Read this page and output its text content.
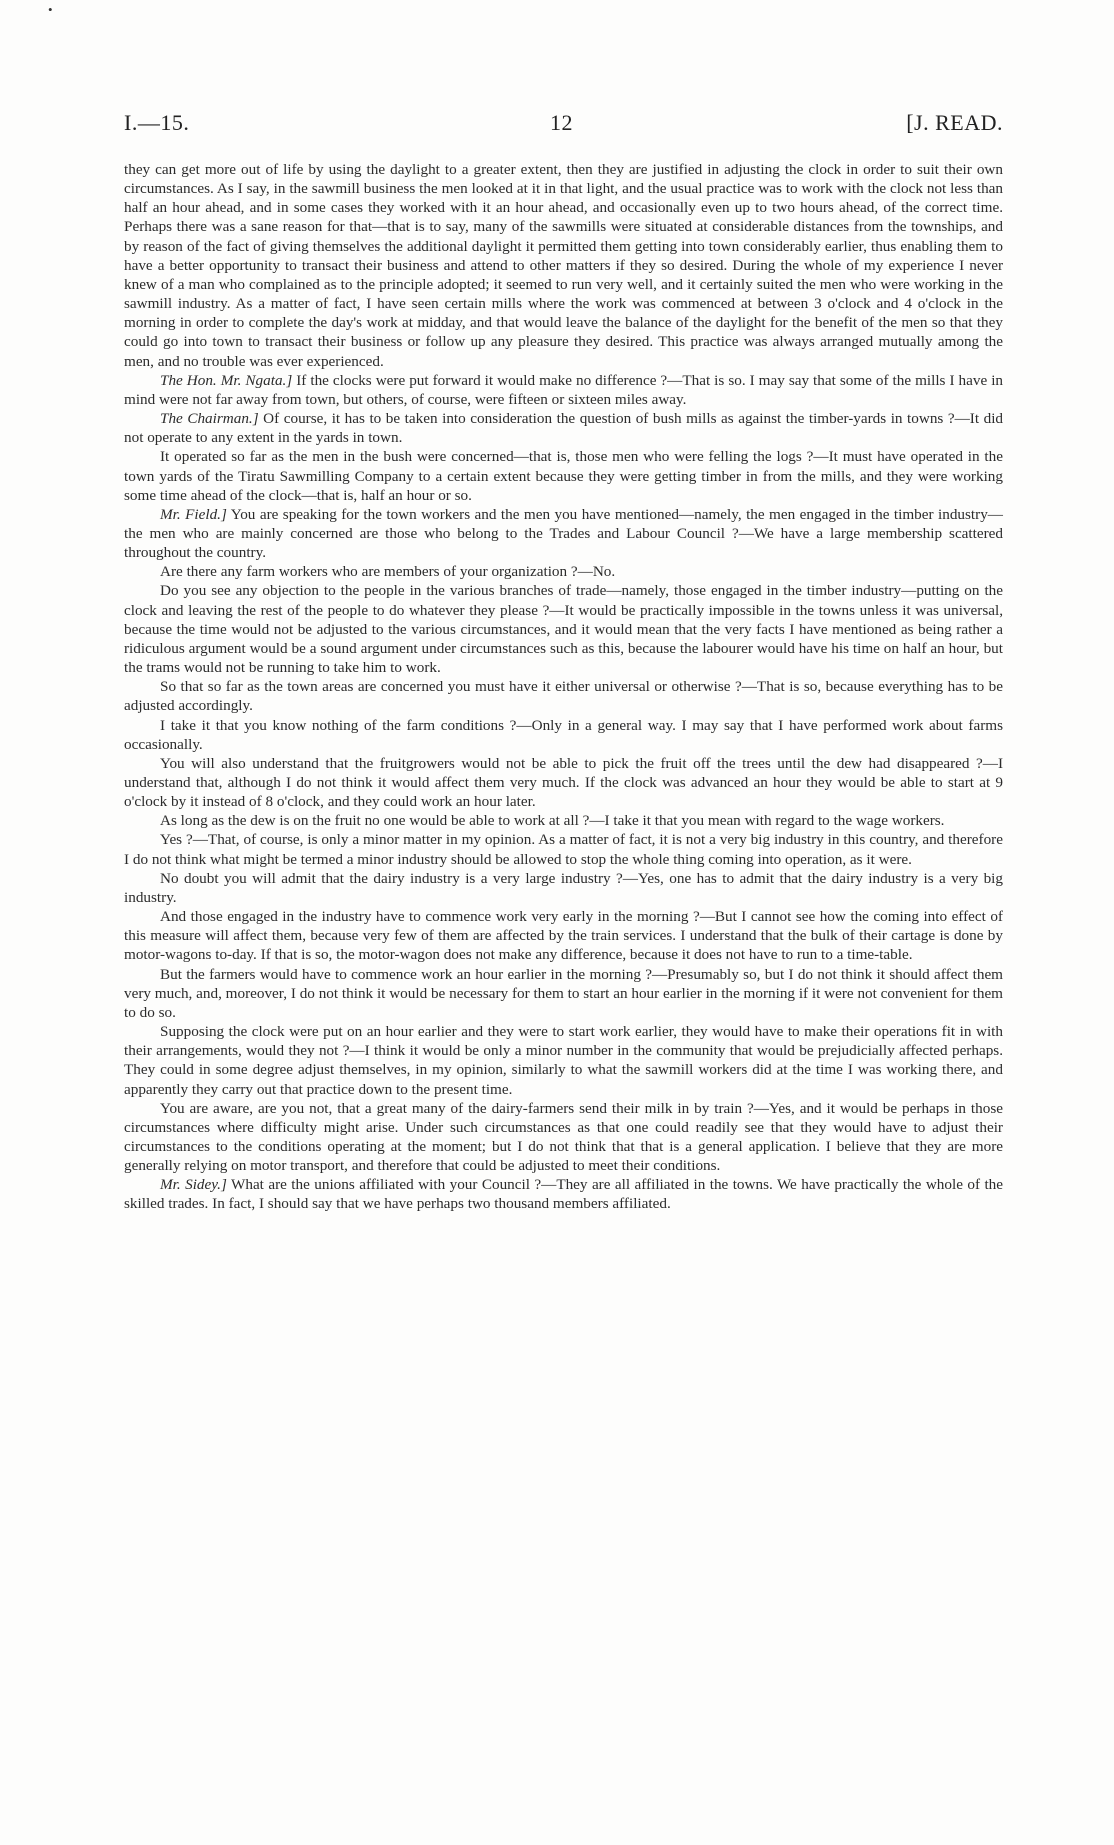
•
I.—15.	12	[J. READ.

they can get more out of life by using the daylight to a greater extent, then they are justified in adjusting the clock in order to suit their own circumstances. As I say, in the sawmill business the men looked at it in that light, and the usual practice was to work with the clock not less than half an hour ahead, and in some cases they worked with it an hour ahead, and occasionally even up to two hours ahead, of the correct time. Perhaps there was a sane reason for that—that is to say, many of the sawmills were situated at considerable distances from the townships, and by reason of the fact of giving themselves the additional daylight it permitted them getting into town considerably earlier, thus enabling them to have a better opportunity to transact their business and attend to other matters if they so desired. During the whole of my experience I never knew of a man who complained as to the principle adopted; it seemed to run very well, and it certainly suited the men who were working in the sawmill industry. As a matter of fact, I have seen certain mills where the work was commenced at between 3 o'clock and 4 o'clock in the morning in order to complete the day's work at midday, and that would leave the balance of the daylight for the benefit of the men so that they could go into town to transact their business or follow up any pleasure they desired. This practice was always arranged mutually among the men, and no trouble was ever experienced.

The Hon. Mr. Ngata.] If the clocks were put forward it would make no difference ?—That is so. I may say that some of the mills I have in mind were not far away from town, but others, of course, were fifteen or sixteen miles away.

The Chairman.] Of course, it has to be taken into consideration the question of bush mills as against the timber-yards in towns ?—It did not operate to any extent in the yards in town.

It operated so far as the men in the bush were concerned—that is, those men who were felling the logs ?—It must have operated in the town yards of the Tiratu Sawmilling Company to a certain extent because they were getting timber in from the mills, and they were working some time ahead of the clock—that is, half an hour or so.

Mr. Field.] You are speaking for the town workers and the men you have mentioned—namely, the men engaged in the timber industry—the men who are mainly concerned are those who belong to the Trades and Labour Council ?—We have a large membership scattered throughout the country.

Are there any farm workers who are members of your organization ?—No.

Do you see any objection to the people in the various branches of trade—namely, those engaged in the timber industry—putting on the clock and leaving the rest of the people to do whatever they please ?—It would be practically impossible in the towns unless it was universal, because the time would not be adjusted to the various circumstances, and it would mean that the very facts I have mentioned as being rather a ridiculous argument would be a sound argument under circumstances such as this, because the labourer would have his time on half an hour, but the trams would not be running to take him to work.

So that so far as the town areas are concerned you must have it either universal or otherwise ?—That is so, because everything has to be adjusted accordingly.

I take it that you know nothing of the farm conditions ?—Only in a general way. I may say that I have performed work about farms occasionally.

You will also understand that the fruitgrowers would not be able to pick the fruit off the trees until the dew had disappeared ?—I understand that, although I do not think it would affect them very much. If the clock was advanced an hour they would be able to start at 9 o'clock by it instead of 8 o'clock, and they could work an hour later.

As long as the dew is on the fruit no one would be able to work at all ?—I take it that you mean with regard to the wage workers.

Yes ?—That, of course, is only a minor matter in my opinion. As a matter of fact, it is not a very big industry in this country, and therefore I do not think what might be termed a minor industry should be allowed to stop the whole thing coming into operation, as it were.

No doubt you will admit that the dairy industry is a very large industry ?—Yes, one has to admit that the dairy industry is a very big industry.

And those engaged in the industry have to commence work very early in the morning ?—But I cannot see how the coming into effect of this measure will affect them, because very few of them are affected by the train services. I understand that the bulk of their cartage is done by motor-wagons to-day. If that is so, the motor-wagon does not make any difference, because it does not have to run to a time-table.

But the farmers would have to commence work an hour earlier in the morning ?—Presumably so, but I do not think it should affect them very much, and, moreover, I do not think it would be necessary for them to start an hour earlier in the morning if it were not convenient for them to do so.

Supposing the clock were put on an hour earlier and they were to start work earlier, they would have to make their operations fit in with their arrangements, would they not ?—I think it would be only a minor number in the community that would be prejudicially affected perhaps. They could in some degree adjust themselves, in my opinion, similarly to what the sawmill workers did at the time I was working there, and apparently they carry out that practice down to the present time.

You are aware, are you not, that a great many of the dairy-farmers send their milk in by train ?—Yes, and it would be perhaps in those circumstances where difficulty might arise. Under such circumstances as that one could readily see that they would have to adjust their circumstances to the conditions operating at the moment; but I do not think that that is a general application. I believe that they are more generally relying on motor transport, and therefore that could be adjusted to meet their conditions.

Mr. Sidey.] What are the unions affiliated with your Council ?—They are all affiliated in the towns. We have practically the whole of the skilled trades. In fact, I should say that we have perhaps two thousand members affiliated.
